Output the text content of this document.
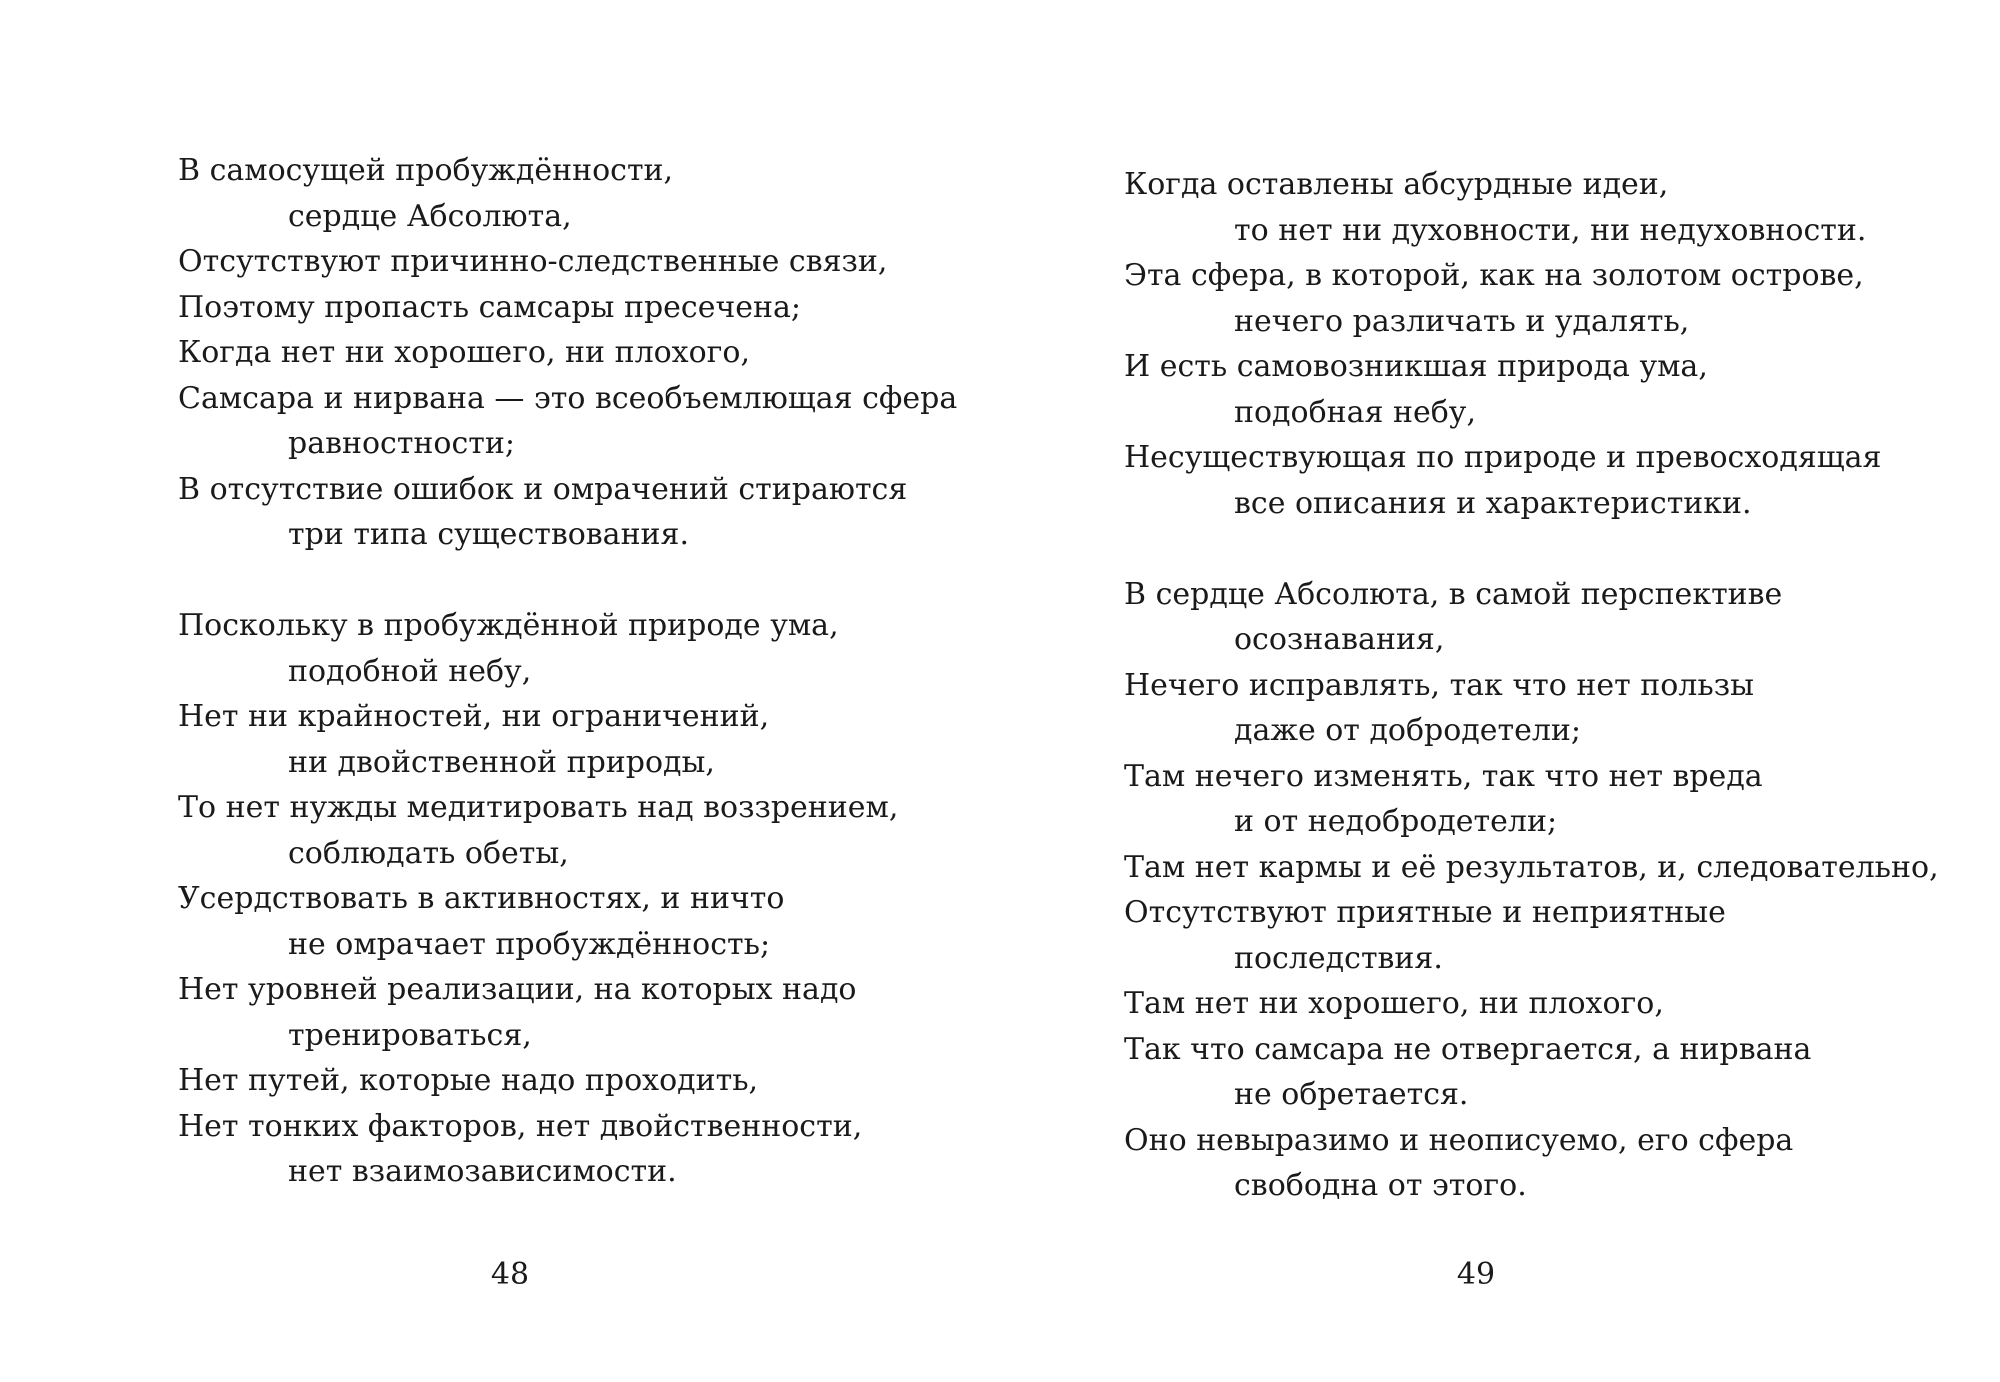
В самосущей пробуждённости,
сердце Абсолюта,
Отсутствуют причинно-следственные связи,
Поэтому пропасть самсары пресечена;
Когда нет ни хорошего, ни плохого,
Самсара и нирвана — это всеобъемлющая сфера
равностности;
В отсутствие ошибок и омрачений стираются
три типа существования.
Поскольку в пробуждённой природе ума,
подобной небу,
Нет ни крайностей, ни ограничений,
ни двойственной природы,
То нет нужды медитировать над воззрением,
соблюдать обеты,
Усердствовать в активностях, и ничто
не омрачает пробуждённость;
Нет уровней реализации, на которых надо
тренироваться,
Нет путей, которые надо проходить,
Нет тонких факторов, нет двойственности,
нет взаимозависимости.
48
Когда оставлены абсурдные идеи,
то нет ни духовности, ни недуховности.
Эта сфера, в которой, как на золотом острове,
нечего различать и удалять,
И есть самовозникшая природа ума,
подобная небу,
Несуществующая по природе и превосходящая
все описания и характеристики.
В сердце Абсолюта, в самой перспективе
осознавания,
Нечего исправлять, так что нет пользы
даже от добродетели;
Там нечего изменять, так что нет вреда
и от недобродетели;
Там нет кармы и её результатов, и, следовательно,
Отсутствуют приятные и неприятные
последствия.
Там нет ни хорошего, ни плохого,
Так что самсара не отвергается, а нирвана
не обретается.
Оно невыразимо и неописуемо, его сфера
свободна от этого.
49
